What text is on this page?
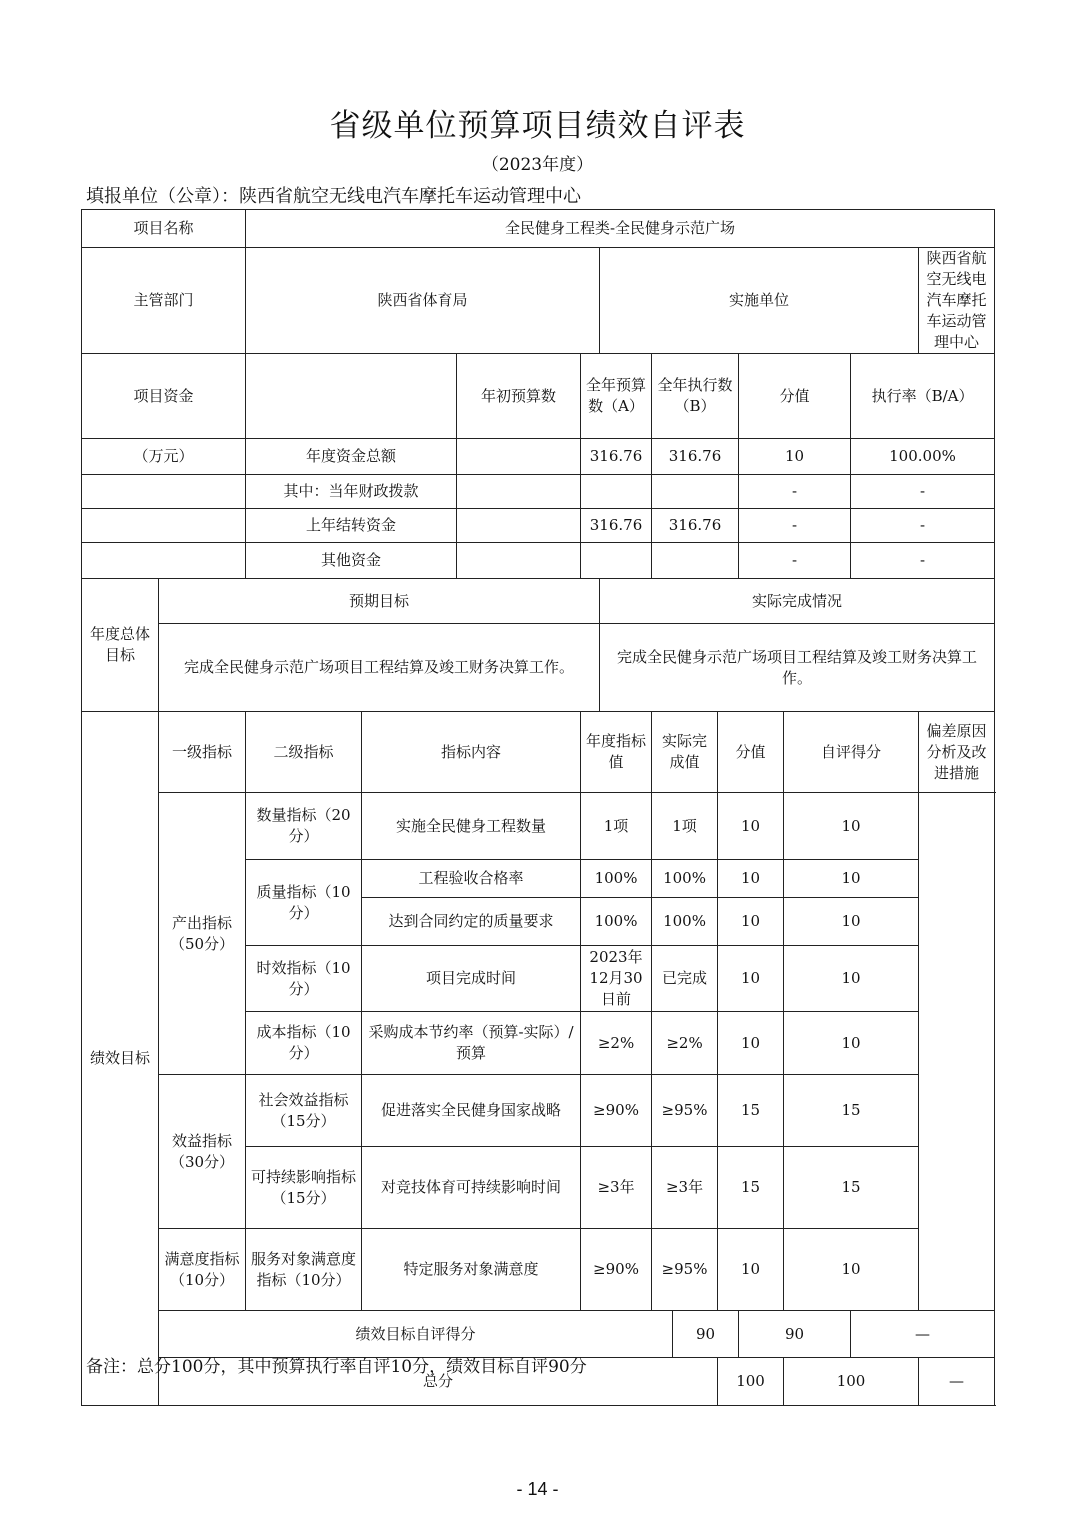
省级单位预算项目绩效自评表
（2023年度）
填报单位（公章）：陕西省航空无线电汽车摩托车运动管理中心
项目名称		全民健身工程类-全民健身示范广场												
主管部门		陕西省体育局				实施单位							陕西省航空无线电汽车摩托车运动管理中心	
项目资金				年初预算数	全年预算数（A）		全年执行数 （B）			分值		执行率（B/A）	
（万元）		年度资金总额			316.76		316.76			10		100.00%	
		其中：当年财政拨款								-		-	
		上年结转资金			316.76		316.76			-		-	
		其他资金								-		-	
年度总体目标	预期目标					实际完成情况								
	完成全民健身示范广场项目工程结算及竣工财务决算工作。					完成全民健身示范广场项目工程结算及竣工财务决算工作。								
绩效目标	一级指标	二级指标	指标内容		年度指标值		实际完成值		分值		自评得分		偏差原因分析及改进措施	
	产出指标（50分）	数量指标（20分）	实施全民健身工程数量		1项		1项		10		10			
		质量指标（10分）	工程验收合格率		100%		100%		10		10			
			达到合同约定的质量要求		100%		100%		10		10			
		时效指标（10分）	项目完成时间		2023年12月30日前		已完成		10		10			
		成本指标（10分）	采购成本节约率（预算-实际）/预算		≥2%		≥2%		10		10			
	效益指标（30分）	社会效益指标（15分）	促进落实全民健身国家战略		≥90%		≥95%		15		15			
		可持续影响指标（15分）	对竞技体育可持续影响时间		≥3年		≥3年		15		15			
	满意度指标（10分）	服务对象满意度指标（10分）	特定服务对象满意度		≥90%		≥95%		10		10			
	绩效目标自评得分							90		90		—		
	总分								100		100		—	
备注：总分100分，其中预算执行率自评10分，绩效目标自评90分
- 14 -
